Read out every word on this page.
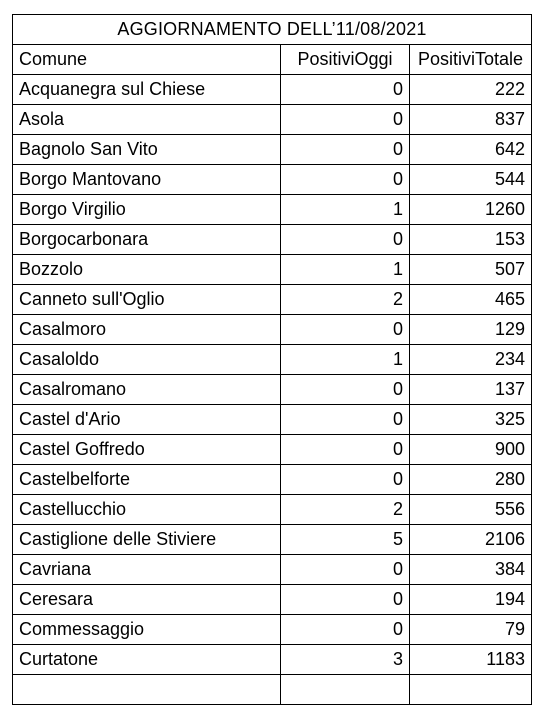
AGGIORNAMENTO DELL’11/08/2021		
Comune	PositiviOggi	PositiviTotale
Acquanegra sul Chiese	0	222
Asola	0	837
Bagnolo San Vito	0	642
Borgo Mantovano	0	544
Borgo Virgilio	1	1260
Borgocarbonara	0	153
Bozzolo	1	507
Canneto sull'Oglio	2	465
Casalmoro	0	129
Casaloldo	1	234
Casalromano	0	137
Castel d'Ario	0	325
Castel Goffredo	0	900
Castelbelforte	0	280
Castellucchio	2	556
Castiglione delle Stiviere	5	2106
Cavriana	0	384
Ceresara	0	194
Commessaggio	0	79
Curtatone	3	1183
